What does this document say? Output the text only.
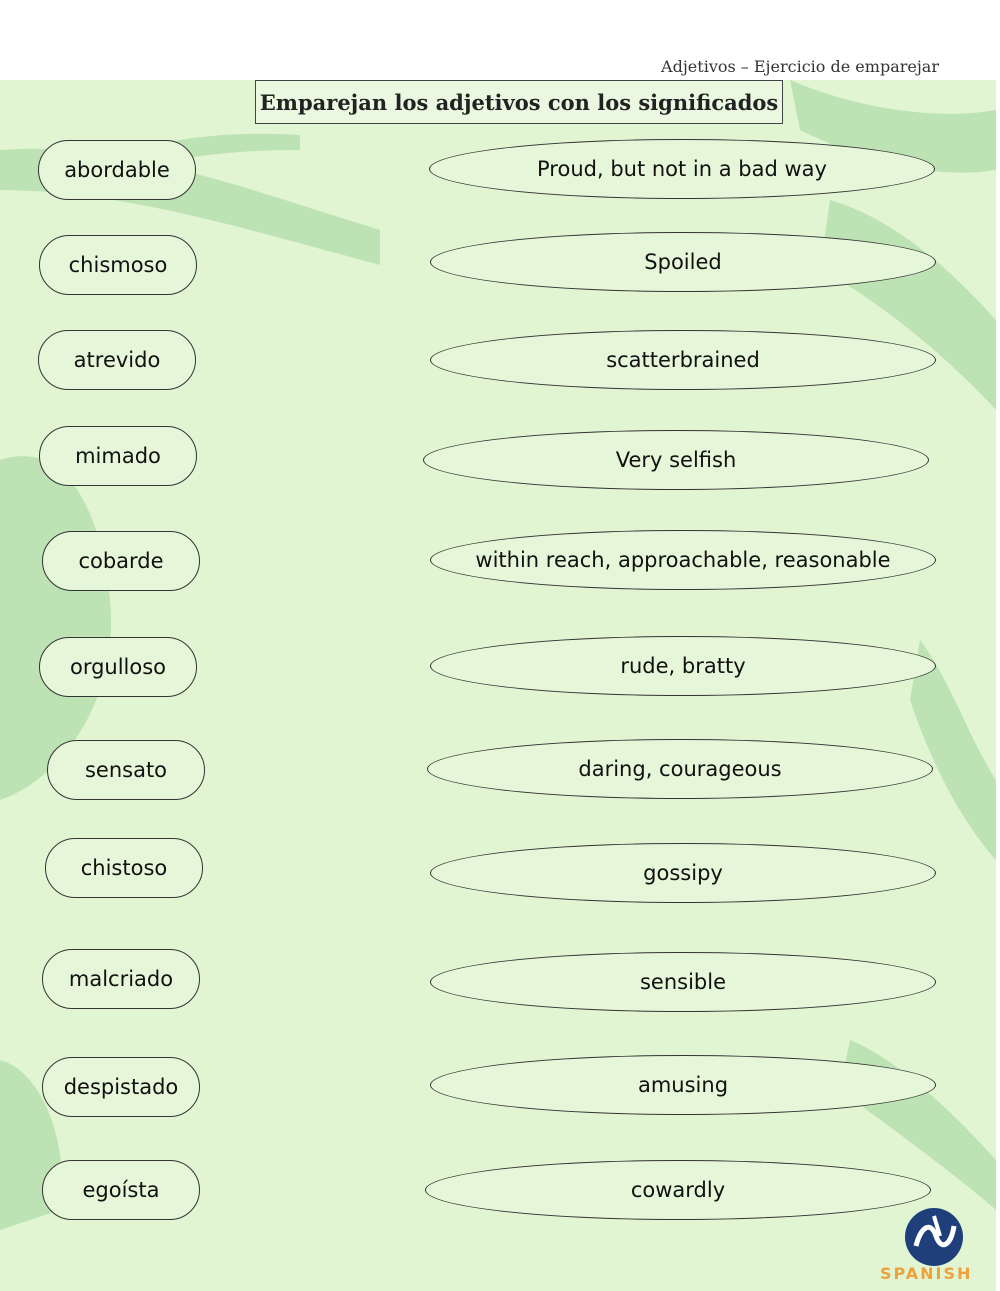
Adjetivos – Ejercicio de emparejar
Emparejan los adjetivos con los significados
abordable
chismoso
atrevido
mimado
cobarde
orgulloso
sensato
chistoso
malcriado
despistado
egoísta
Proud, but not in a bad way
Spoiled
scatterbrained
Very selfish
within reach, approachable, reasonable
rude, bratty
daring, courageous
gossipy
sensible
amusing
cowardly
SPANISH
